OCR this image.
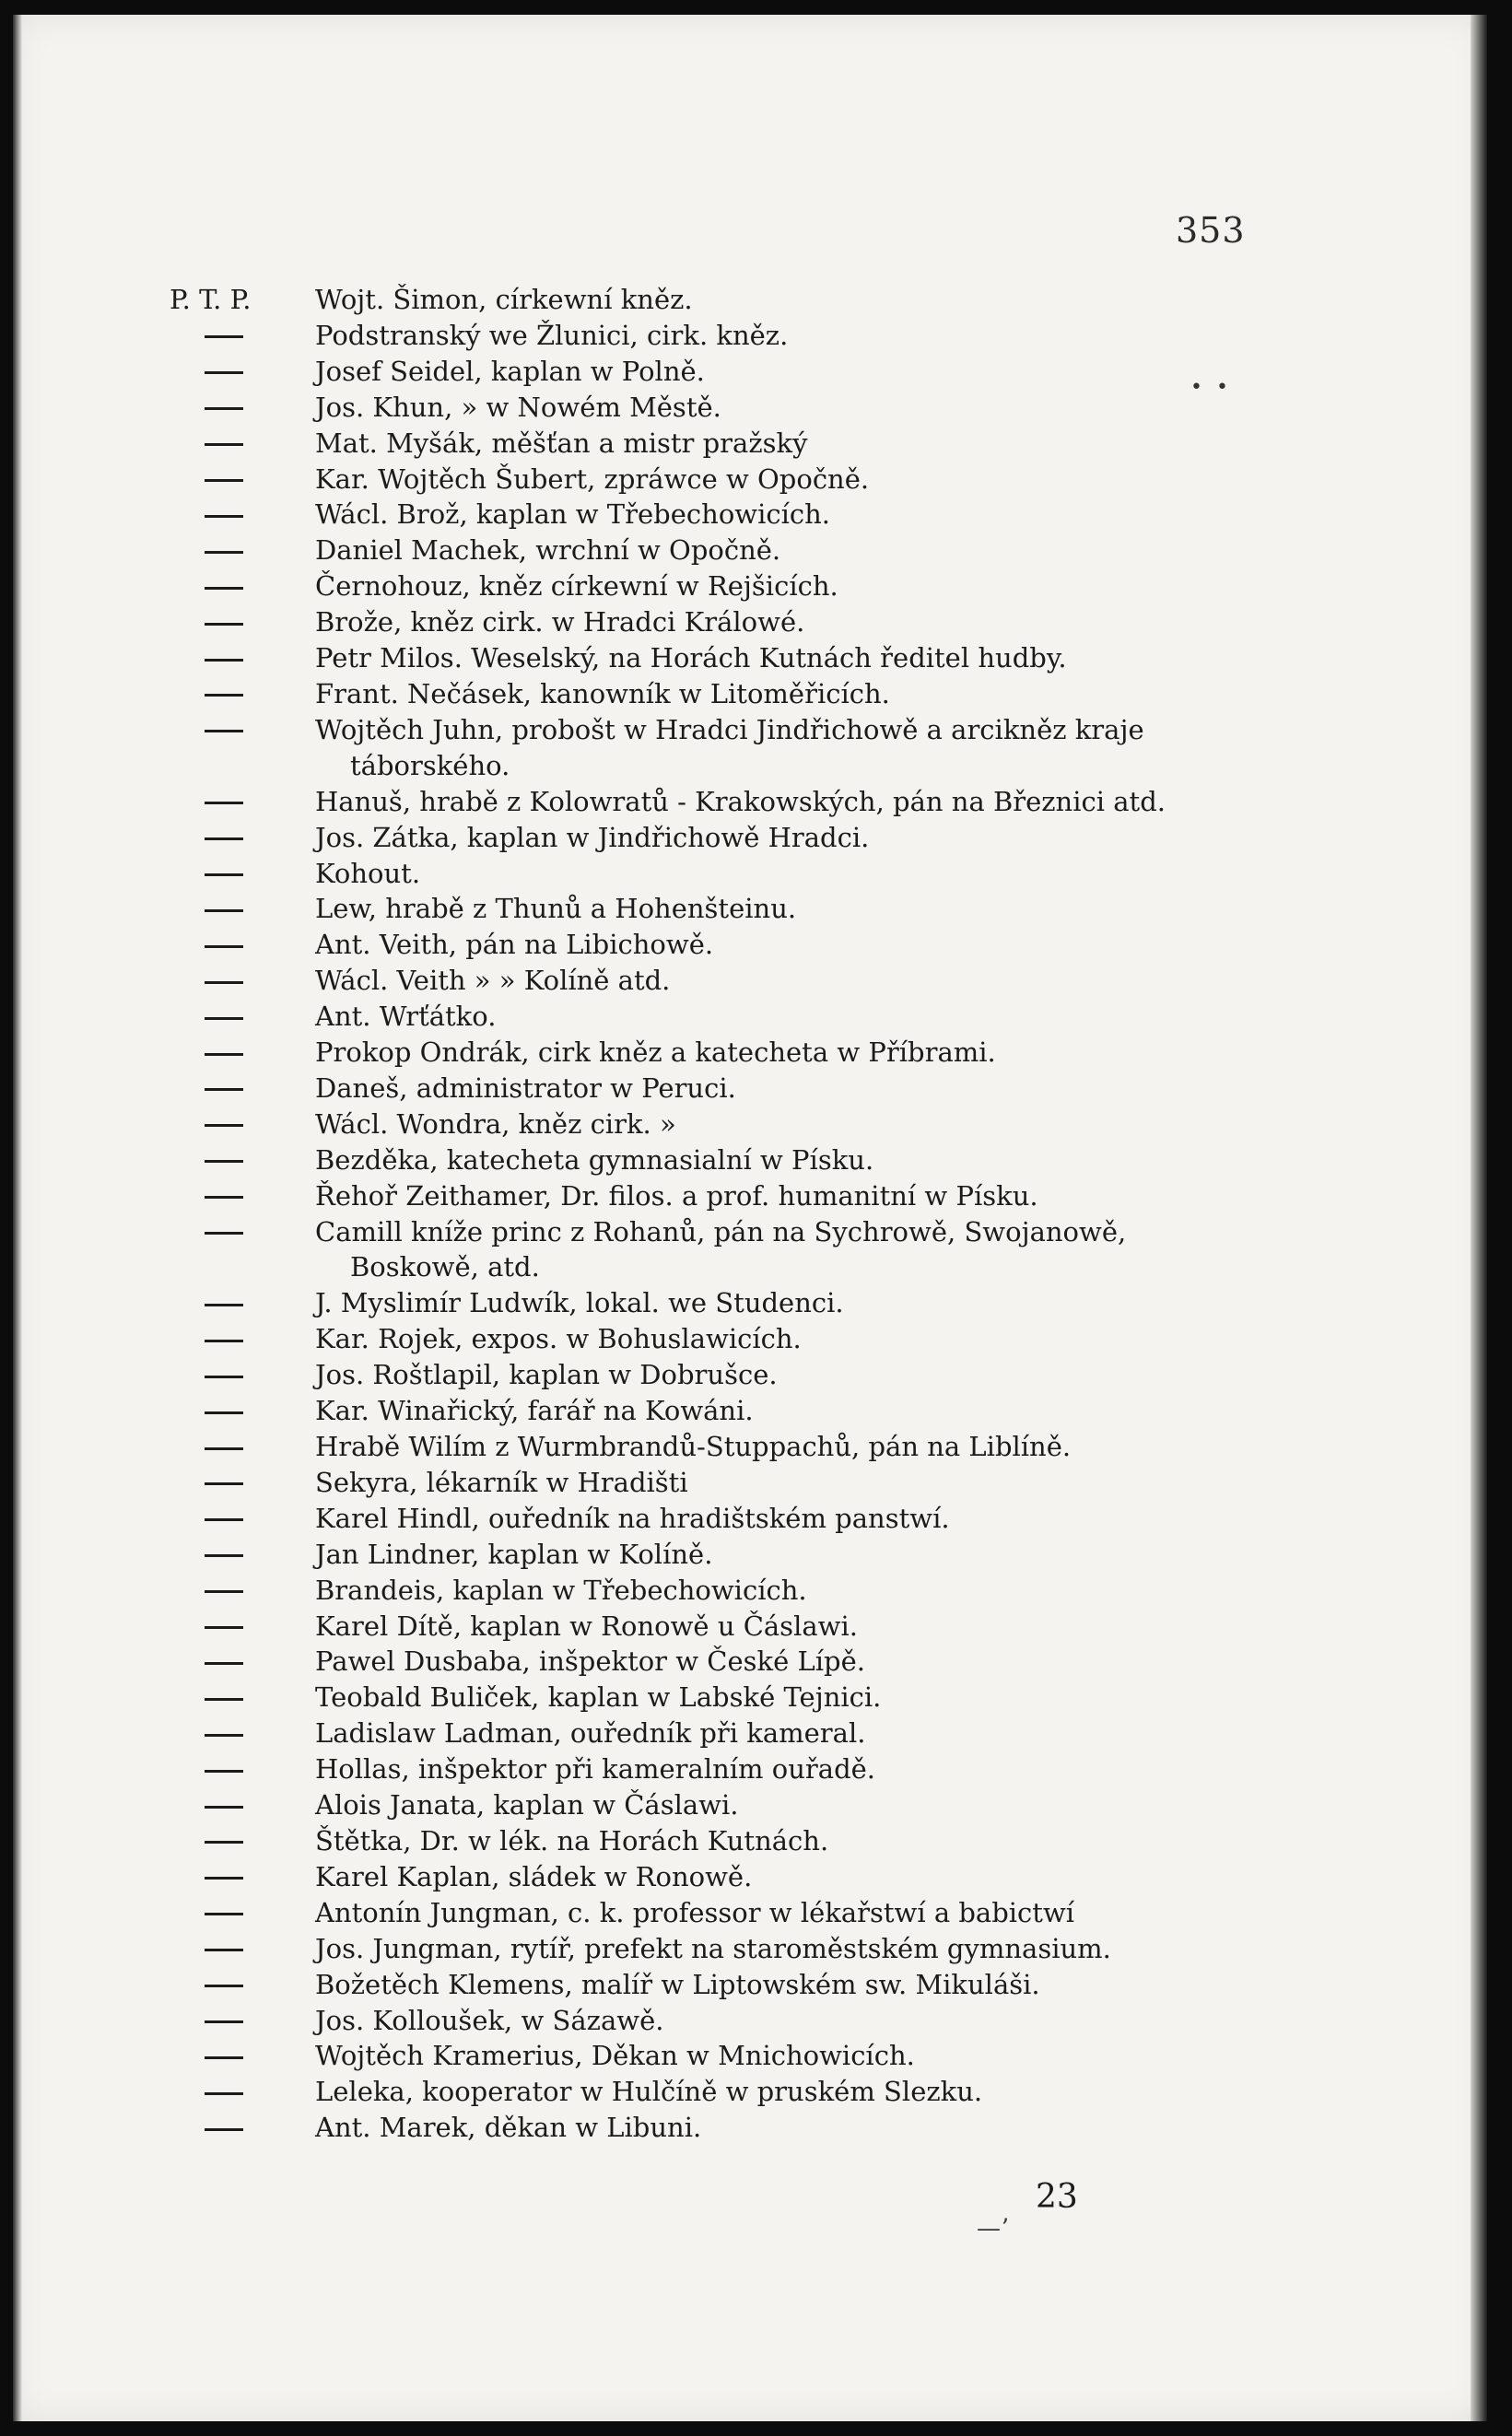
353
• •
P. T. P.	Wojt. Šimon, církewní kněz.
Podstranský we Žlunici, cirk. kněz.
Josef Seidel, kaplan w Polně.
Jos. Khun, » w Nowém Městě.
Mat. Myšák, měšťan a mistr pražský
Kar. Wojtěch Šubert, zpráwce w Opočně.
Wácl. Brož, kaplan w Třebechowicích.
Daniel Machek, wrchní w Opočně.
Černohouz, kněz církewní w Rejšicích.
Brože, kněz cirk. w Hradci Králowé.
Petr Milos. Weselský, na Horách Kutnách ředitel hudby.
Frant. Nečásek, kanowník w Litoměřicích.
Wojtěch Juhn, probošt w Hradci Jindřichowě a arcikněz kraje
táborského.
Hanuš, hrabě z Kolowratů - Krakowských, pán na Březnici atd.
Jos. Zátka, kaplan w Jindřichowě Hradci.
Kohout.
Lew, hrabě z Thunů a Hohenšteinu.
Ant. Veith, pán na Libichowě.
Wácl. Veith » » Kolíně atd.
Ant. Wrťátko.
Prokop Ondrák, cirk kněz a katecheta w Příbrami.
Daneš, administrator w Peruci.
Wácl. Wondra, kněz cirk. »
Bezděka, katecheta gymnasialní w Písku.
Řehoř Zeithamer, Dr. filos. a prof. humanitní w Písku.
Camill kníže princ z Rohanů, pán na Sychrowě, Swojanowě,
Boskowě, atd.
J. Myslimír Ludwík, lokal. we Studenci.
Kar. Rojek, expos. w Bohuslawicích.
Jos. Roštlapil, kaplan w Dobrušce.
Kar. Winařický, farář na Kowáni.
Hrabě Wilím z Wurmbrandů-Stuppachů, pán na Liblíně.
Sekyra, lékarník w Hradišti
Karel Hindl, ouředník na hradištském panstwí.
Jan Lindner, kaplan w Kolíně.
Brandeis, kaplan w Třebechowicích.
Karel Dítě, kaplan w Ronowě u Čáslawi.
Pawel Dusbaba, inšpektor w České Lípě.
Teobald Buliček, kaplan w Labské Tejnici.
Ladislaw Ladman, ouředník při kameral.
Hollas, inšpektor při kameralním ouřadě.
Alois Janata, kaplan w Čáslawi.
Štětka, Dr. w lék. na Horách Kutnách.
Karel Kaplan, sládek w Ronowě.
Antonín Jungman, c. k. professor w lékařstwí a babictwí
Jos. Jungman, rytíř, prefekt na staroměstském gymnasium.
Božetěch Klemens, malíř w Liptowském sw. Mikuláši.
Jos. Kolloušek, w Sázawě.
Wojtěch Kramerius, Děkan w Mnichowicích.
Leleka, kooperator w Hulčíně w pruském Slezku.
Ant. Marek, děkan w Libuni.
—ʼ
23
